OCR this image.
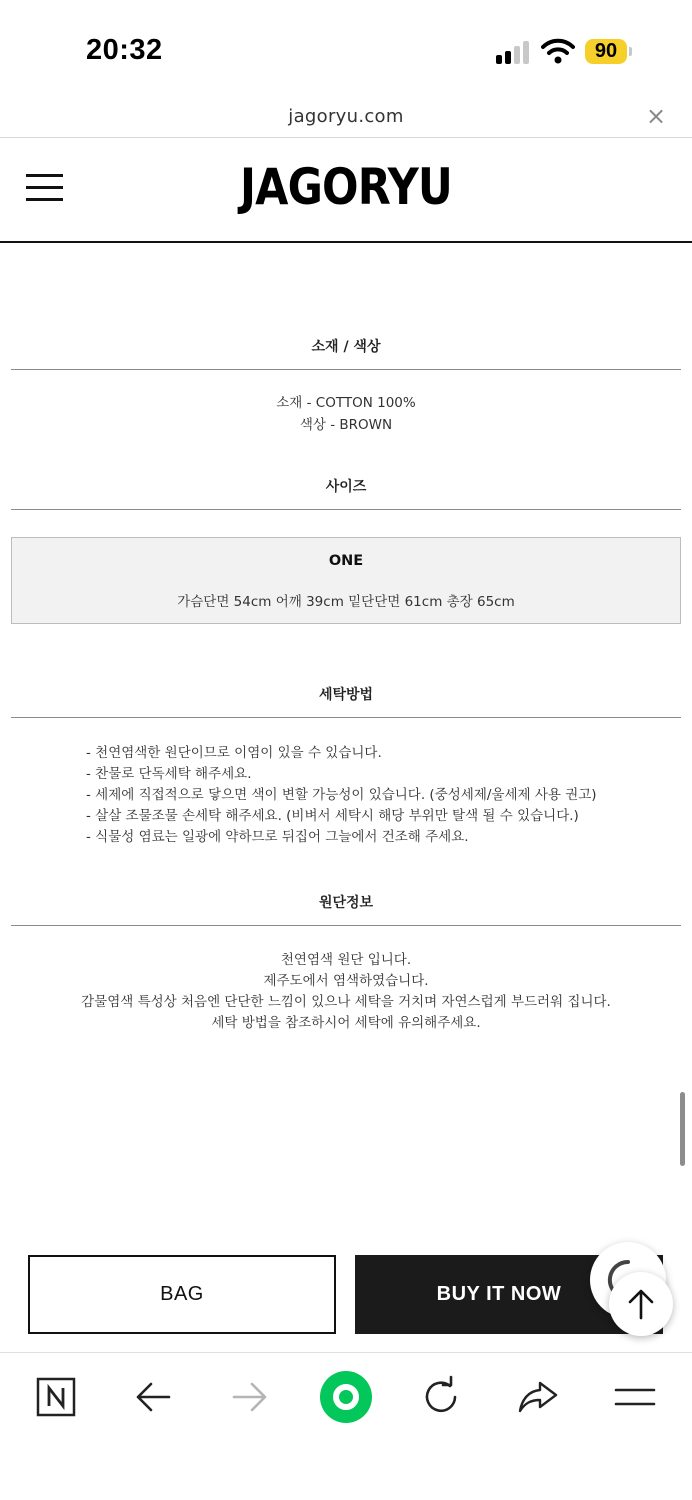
20:32	90
jagoryu.com	×
JAGORYU
소재 / 색상
소재 - COTTON 100%
색상 - BROWN
사이즈
ONE
가슴단면 54cm 어깨 39cm 밑단단면 61cm 총장 65cm
세탁방법
- 천연염색한 원단이므로 이염이 있을 수 있습니다.
- 찬물로 단독세탁 해주세요.
- 세제에 직접적으로 닿으면 색이 변할 가능성이 있습니다. (중성세제/울세제 사용 권고)
- 살살 조물조물 손세탁 해주세요. (비벼서 세탁시 해당 부위만 탈색 될 수 있습니다.)
- 식물성 염료는 일광에 약하므로 뒤집어 그늘에서 건조해 주세요.
원단정보
천연염색 원단 입니다.
제주도에서 염색하였습니다.
감물염색 특성상 처음엔 단단한 느낌이 있으나 세탁을 거치며 자연스럽게 부드러워 집니다.
세탁 방법을 참조하시어 세탁에 유의해주세요.
BAG	BUY IT NOW
